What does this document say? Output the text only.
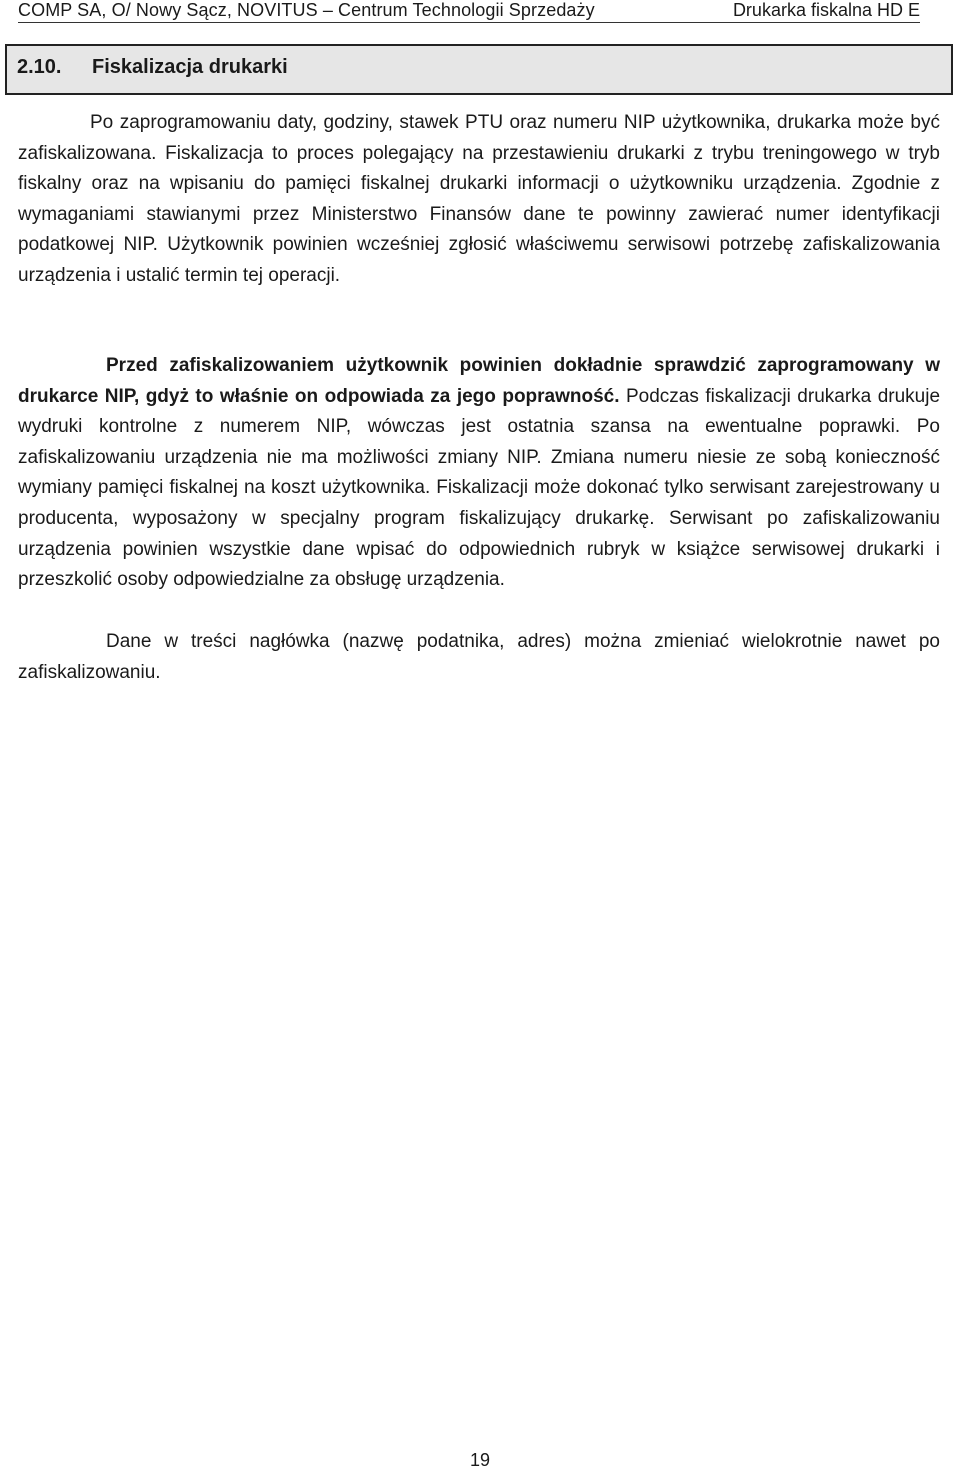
COMP SA, O/ Nowy Sącz, NOVITUS – Centrum Technologii Sprzedaży	Drukarka fiskalna HD E
2.10. Fiskalizacja drukarki

Po zaprogramowaniu daty, godziny, stawek PTU oraz numeru NIP użytkownika, drukarka może być zafiskalizowana. Fiskalizacja to proces polegający na przestawieniu drukarki z trybu treningowego w tryb fiskalny oraz na wpisaniu do pamięci fiskalnej drukarki informacji o użytkowniku urządzenia. Zgodnie z wymaganiami stawianymi przez Ministerstwo Finansów dane te powinny zawierać numer identyfikacji podatkowej NIP. Użytkownik powinien wcześniej zgłosić właściwemu serwisowi potrzebę zafiskalizowania urządzenia i ustalić termin tej operacji.

Przed zafiskalizowaniem użytkownik powinien dokładnie sprawdzić zaprogramowany w drukarce NIP, gdyż to właśnie on odpowiada za jego poprawność. Podczas fiskalizacji drukarka drukuje wydruki kontrolne z numerem NIP, wówczas jest ostatnia szansa na ewentualne poprawki. Po zafiskalizowaniu urządzenia nie ma możliwości zmiany NIP. Zmiana numeru niesie ze sobą konieczność wymiany pamięci fiskalnej na koszt użytkownika. Fiskalizacji może dokonać tylko serwisant zarejestrowany u producenta, wyposażony w specjalny program fiskalizujący drukarkę. Serwisant po zafiskalizowaniu urządzenia powinien wszystkie dane wpisać do odpowiednich rubryk w książce serwisowej drukarki i przeszkolić osoby odpowiedzialne za obsługę urządzenia.

Dane w treści nagłówka (nazwę podatnika, adres) można zmieniać wielokrotnie nawet po zafiskalizowaniu.

19
